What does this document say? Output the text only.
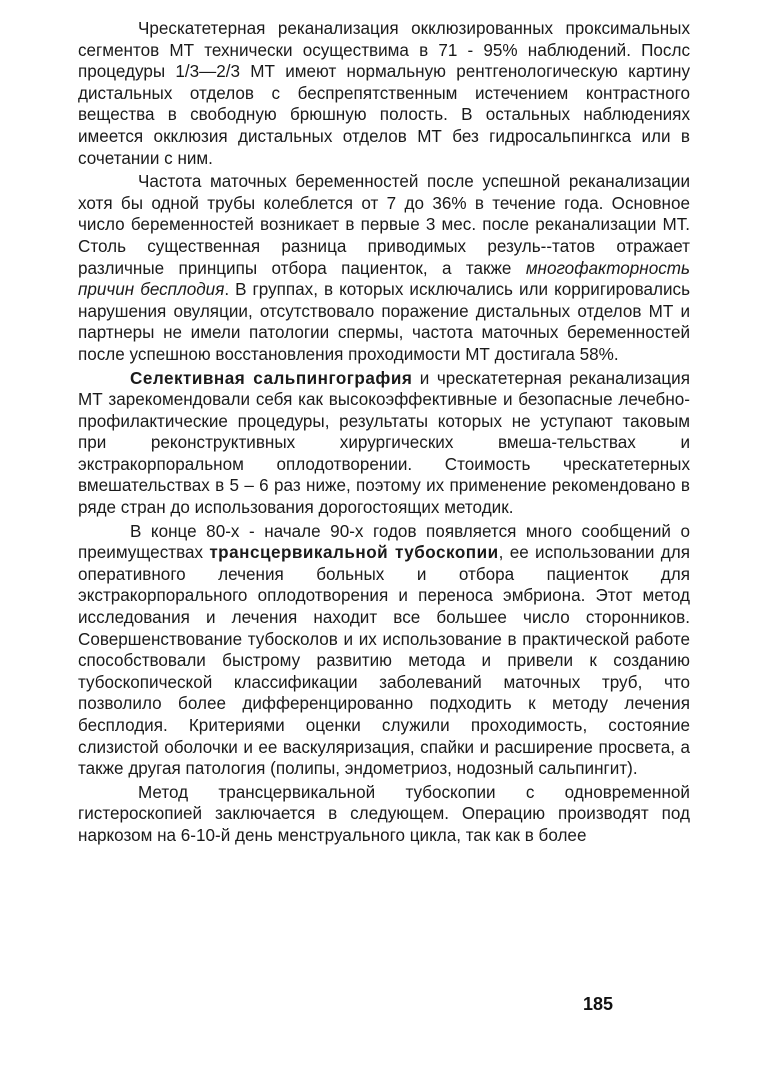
Чрескатетерная реканализация окклюзированных проксимальных сегментов МТ технически осуществима в 71 - 95% наблюдений. Послс процедуры 1/3—2/3 МТ имеют нормальную рентгенологическую картину дистальных отделов с беспрепятственным истечением контрастного вещества в свободную брюшную полость. В остальных наблюдениях имеется окклюзия дистальных отделов МТ без гидросальпингкса или в сочетании с ним.

Частота маточных беременностей после успешной реканализации хотя бы одной трубы колеблется от 7 до 36% в течение года. Основное число беременностей возникает в первые 3 мес. после реканализации МТ. Столь существенная разница приводимых резуль--татов отражает различные принципы отбора пациенток, а также многофакторность причин бесплодия. В группах, в которых исключались или корригировались нарушения овуляции, отсутствовало поражение дистальных отделов МТ и партнеры не имели патологии спермы, частота маточных беременностей после успешною восстановления проходимости МТ достигала 58%.

Селективная сальпингография и чрескатетерная реканализация МТ зарекомендовали себя как высокоэффективные и безопасные лечебно-профилактические процедуры, результаты которых не уступают таковым при реконструктивных хирургических вмеша-тельствах и экстракорпоральном оплодотворении. Стоимость чрескатетерных вмешательствах в 5 – 6 раз ниже, поэтому их применение рекомендовано в ряде стран до использования дорогостоящих методик.

В конце 80-х - начале 90-х годов появляется много сообщений о преимуществах трансцервикальной тубоскопии, ее использовании для оперативного лечения больных и отбора пациенток для экстракорпорального оплодотворения и переноса эмбриона. Этот метод исследования и лечения находит все большее число сторонников. Совершенствование тубосколов и их использование в практической работе способствовали быстрому развитию метода и привели к созданию тубоскопической классификации заболеваний маточных труб, что позволило более дифференцированно подходить к методу лечения бесплодия. Критериями оценки служили проходимость, состояние слизистой оболочки и ее васкуляризация, спайки и расширение просвета, а также другая патология (полипы, эндометриоз, нодозный сальпингит).

Метод трансцервикальной тубоскопии с одновременной гистероскопией заключается в следующем. Операцию производят под наркозом на 6-10-й день менструального цикла, так как в более

185
